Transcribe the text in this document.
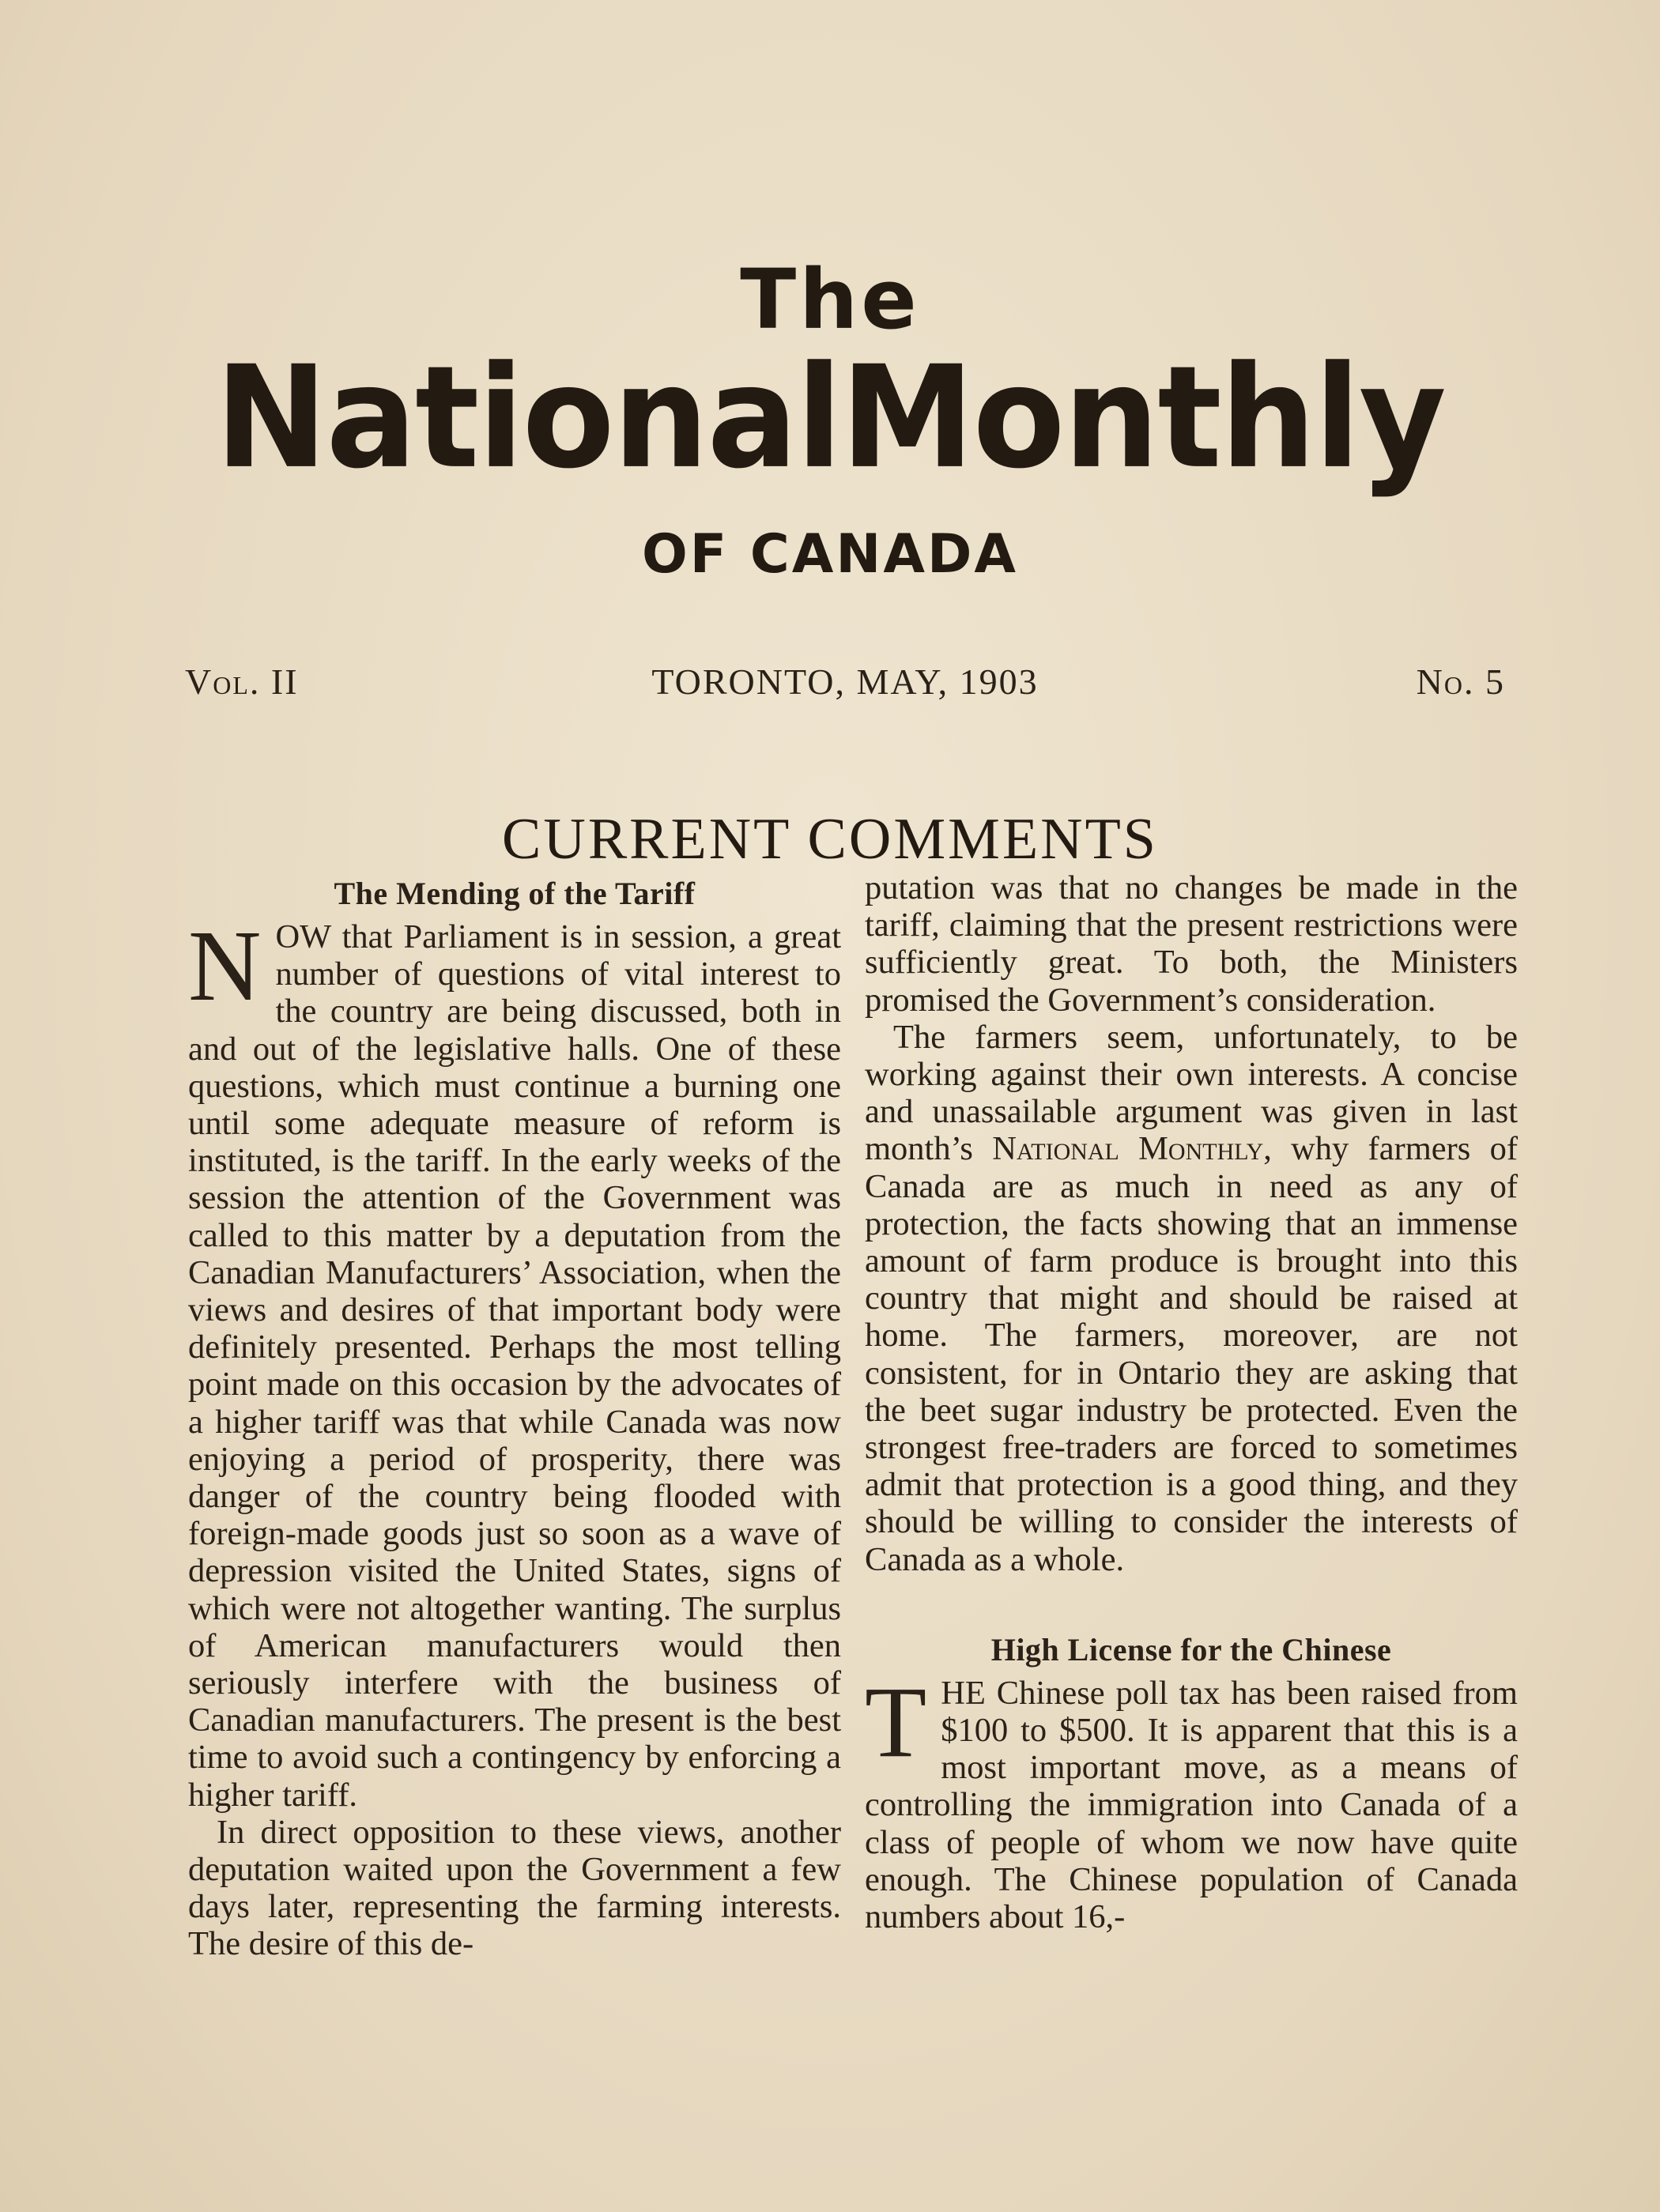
The
NationalMonthly
OF CANADA
Vol. II	TORONTO, MAY, 1903	No. 5
CURRENT COMMENTS
The Mending of the Tariff

N OW that Parliament is in session, a great number of questions of vital interest to the country are being discussed, both in and out of the legislative halls. One of these questions, which must continue a burning one until some adequate measure of reform is instituted, is the tariff. In the early weeks of the session the attention of the Government was called to this matter by a deputation from the Canadian Manufacturers’ Association, when the views and desires of that important body were definitely presented. Perhaps the most telling point made on this occasion by the advocates of a higher tariff was that while Canada was now enjoying a period of prosperity, there was danger of the country being flooded with foreign-made goods just so soon as a wave of depression visited the United States, signs of which were not altogether wanting. The surplus of American manufacturers would then seriously interfere with the business of Canadian manufacturers. The present is the best time to avoid such a contingency by enforcing a higher tariff.

In direct opposition to these views, another deputation waited upon the Government a few days later, representing the farming interests. The desire of this de-

putation was that no changes be made in the tariff, claiming that the present restrictions were sufficiently great. To both, the Ministers promised the Government’s consideration.

The farmers seem, unfortunately, to be working against their own interests. A concise and unassailable argument was given in last month’s National Monthly, why farmers of Canada are as much in need as any of protection, the facts showing that an immense amount of farm produce is brought into this country that might and should be raised at home. The farmers, moreover, are not consistent, for in Ontario they are asking that the beet sugar industry be protected. Even the strongest free-traders are forced to sometimes admit that protection is a good thing, and they should be willing to consider the interests of Canada as a whole.

High License for the Chinese

T HE Chinese poll tax has been raised from $100 to $500. It is apparent that this is a most important move, as a means of controlling the immigration into Canada of a class of people of whom we now have quite enough. The Chinese population of Canada numbers about 16,-
